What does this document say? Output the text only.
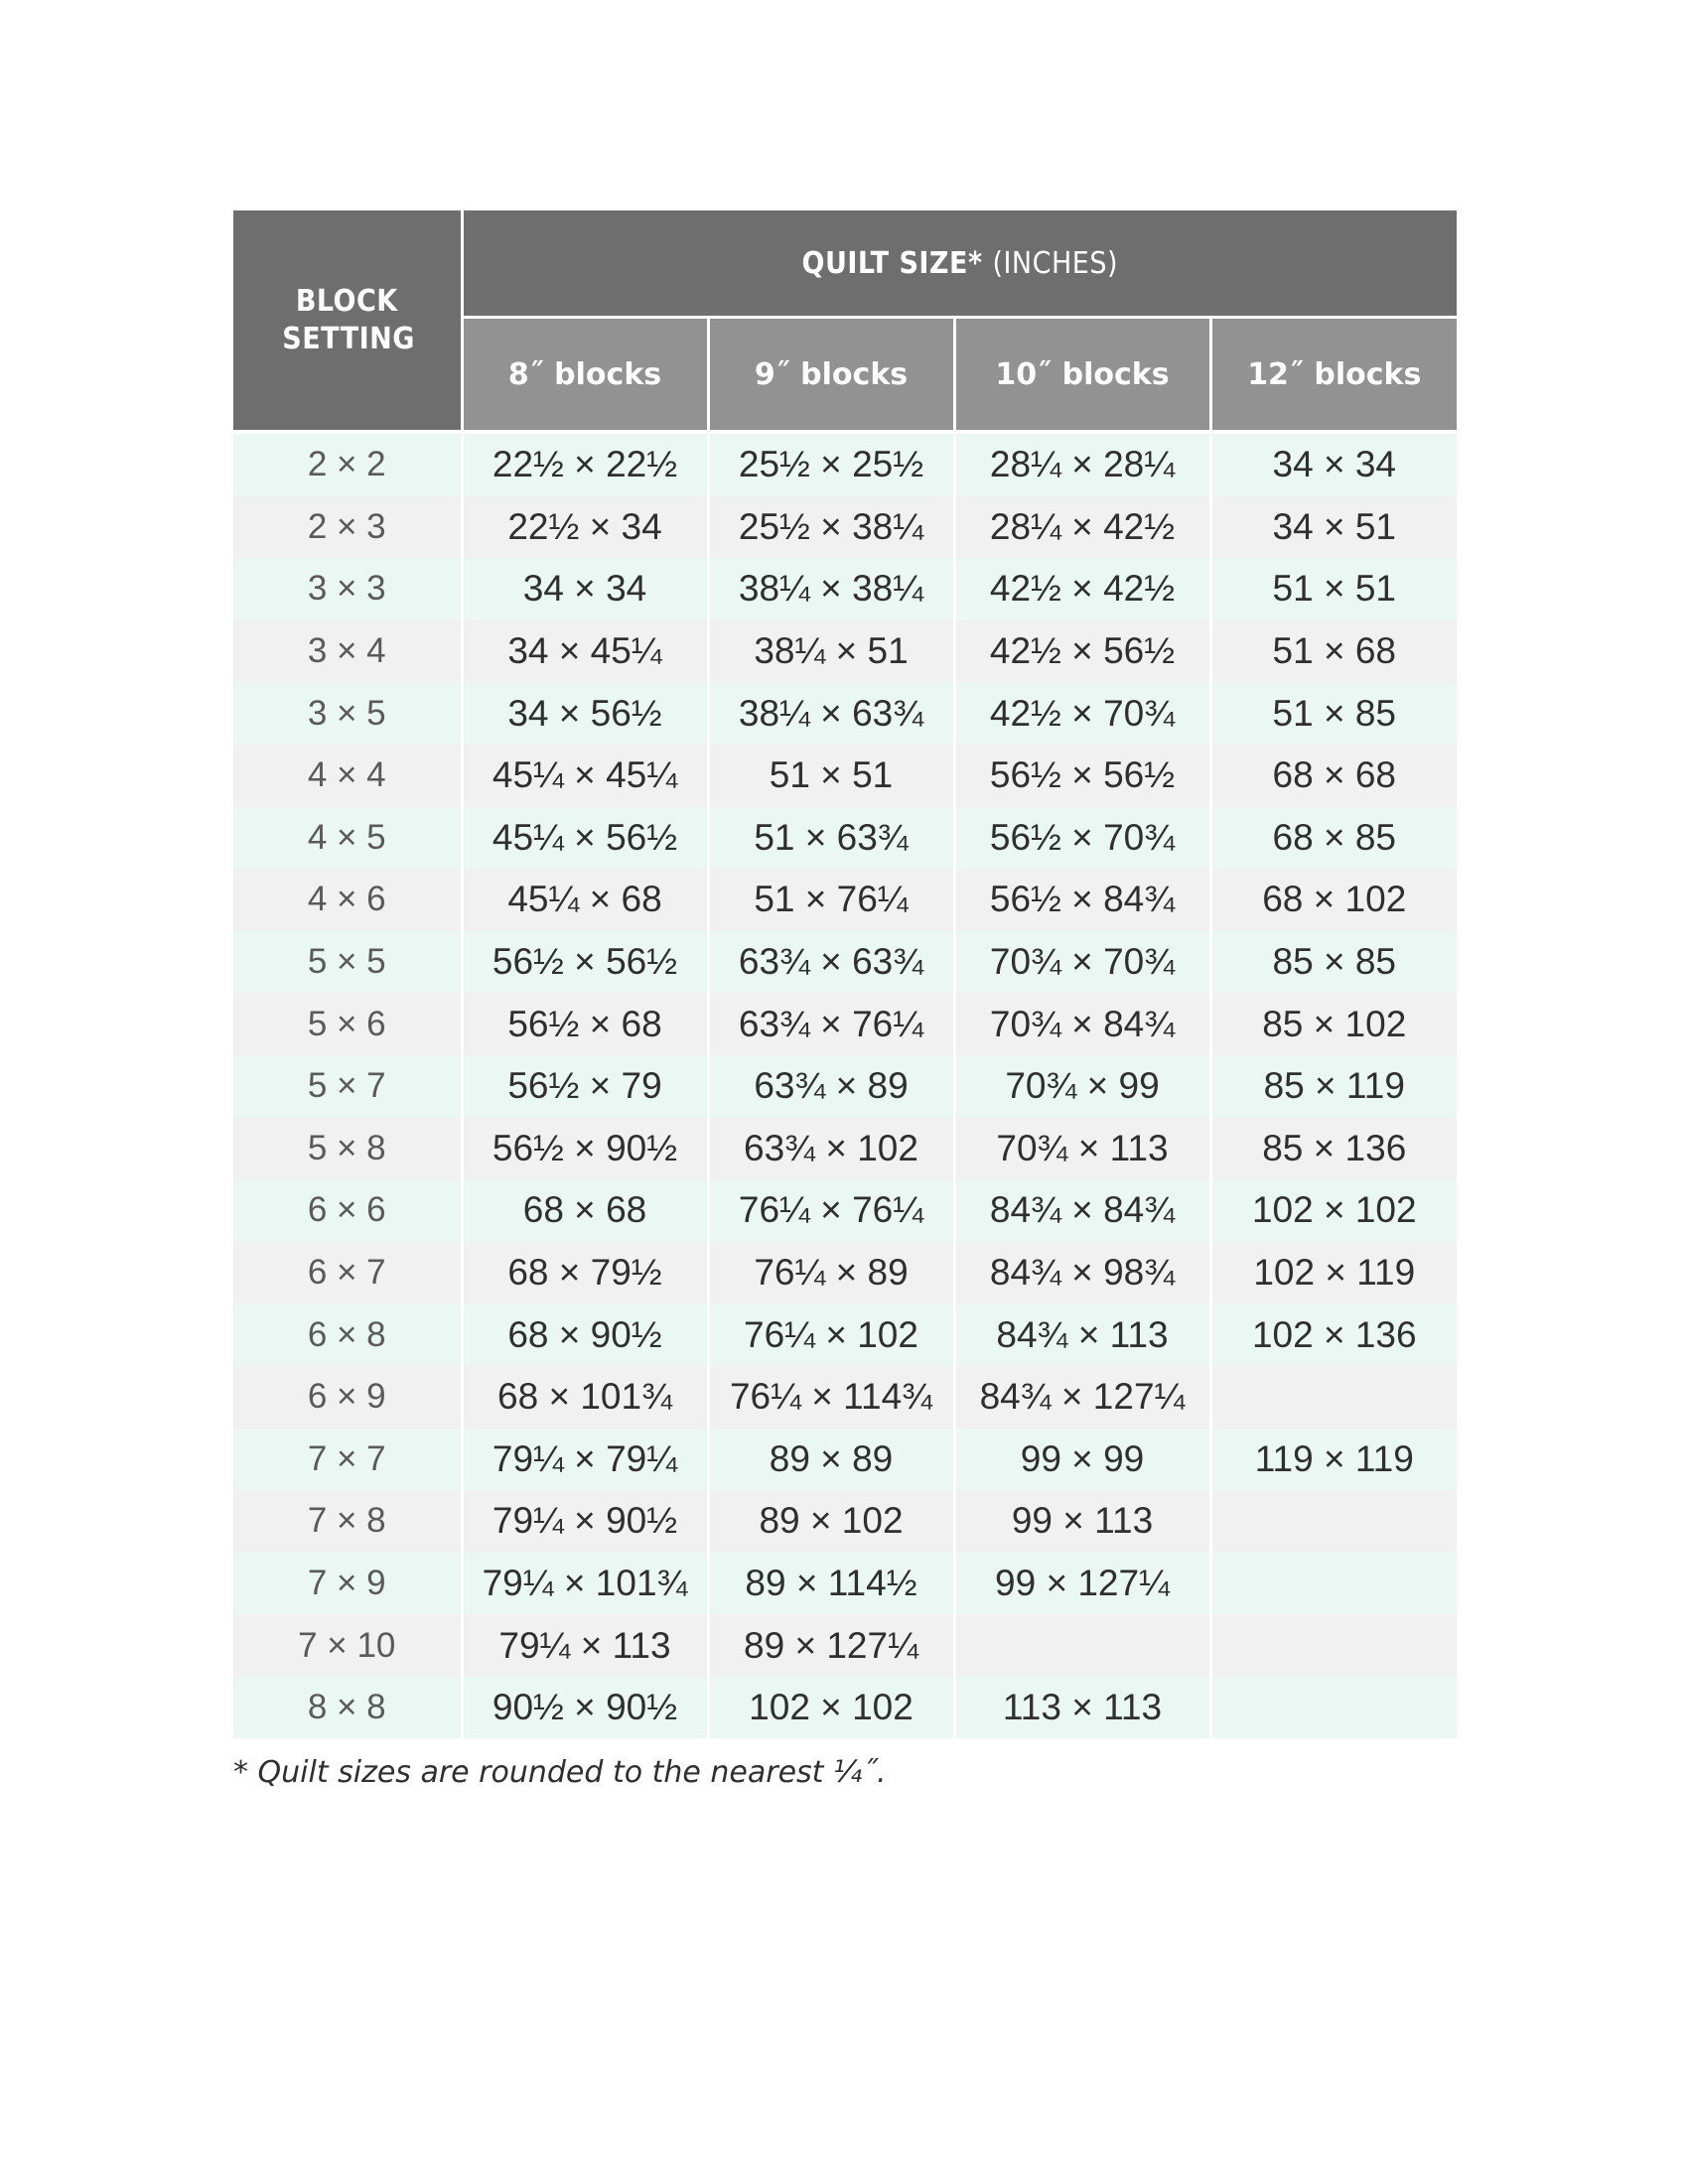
BLOCK SETTING	QUILT SIZE* (INCHES)			
	8˝ blocks	9˝ blocks	10˝ blocks	12˝ blocks
2 × 2	22½ × 22½	25½ × 25½	28¼ × 28¼	34 × 34
2 × 3	22½ × 34	25½ × 38¼	28¼ × 42½	34 × 51
3 × 3	34 × 34	38¼ × 38¼	42½ × 42½	51 × 51
3 × 4	34 × 45¼	38¼ × 51	42½ × 56½	51 × 68
3 × 5	34 × 56½	38¼ × 63¾	42½ × 70¾	51 × 85
4 × 4	45¼ × 45¼	51 × 51	56½ × 56½	68 × 68
4 × 5	45¼ × 56½	51 × 63¾	56½ × 70¾	68 × 85
4 × 6	45¼ × 68	51 × 76¼	56½ × 84¾	68 × 102
5 × 5	56½ × 56½	63¾ × 63¾	70¾ × 70¾	85 × 85
5 × 6	56½ × 68	63¾ × 76¼	70¾ × 84¾	85 × 102
5 × 7	56½ × 79	63¾ × 89	70¾ × 99	85 × 119
5 × 8	56½ × 90½	63¾ × 102	70¾ × 113	85 × 136
6 × 6	68 × 68	76¼ × 76¼	84¾ × 84¾	102 × 102
6 × 7	68 × 79½	76¼ × 89	84¾ × 98¾	102 × 119
6 × 8	68 × 90½	76¼ × 102	84¾ × 113	102 × 136
6 × 9	68 × 101¾	76¼ × 114¾	84¾ × 127¼	
7 × 7	79¼ × 79¼	89 × 89	99 × 99	119 × 119
7 × 8	79¼ × 90½	89 × 102	99 × 113	
7 × 9	79¼ × 101¾	89 × 114½	99 × 127¼	
7 × 10	79¼ × 113	89 × 127¼		
8 × 8	90½ × 90½	102 × 102	113 × 113	

* Quilt sizes are rounded to the nearest ¼˝.
